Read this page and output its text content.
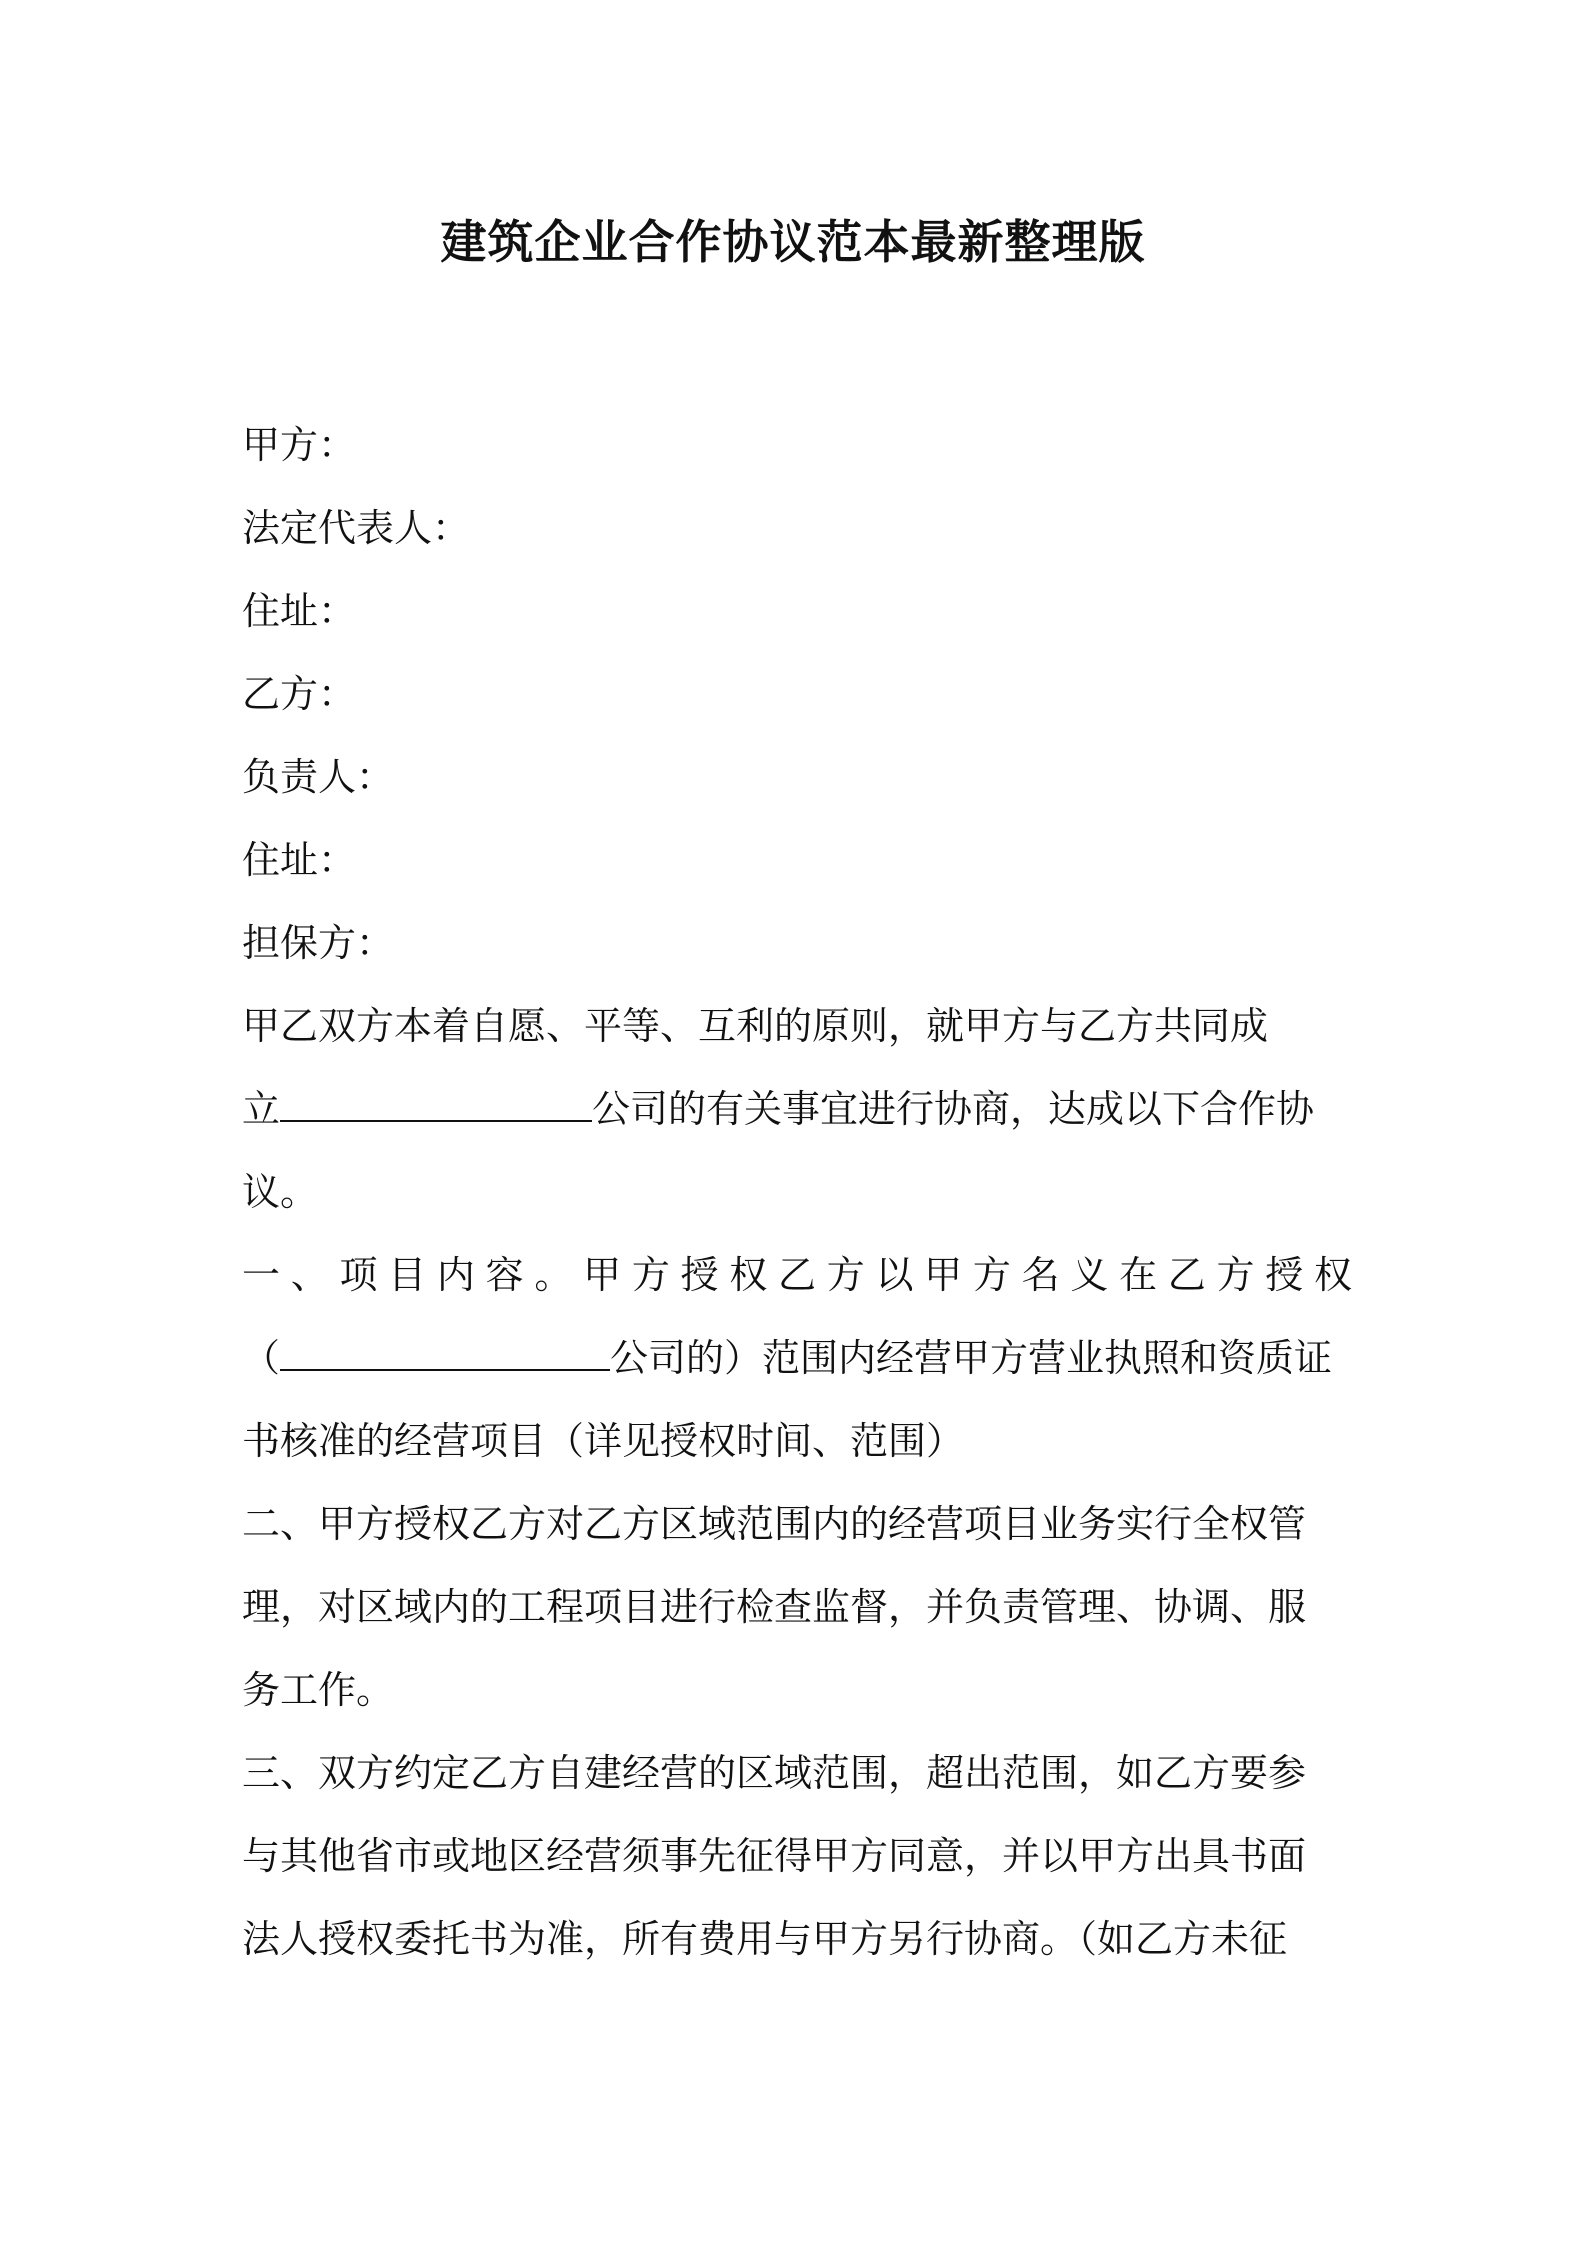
建筑企业合作协议范本最新整理版
甲方：
法定代表人：
住址：
乙方：
负责人：
住址：
担保方：
甲乙双方本着自愿、平等、互利的原则，就甲方与乙方共同成
立	公司的有关事宜进行协商，达成以下合作协
议。
一、项目内容。甲方授权乙方以甲方名义在乙方授权
（	公司的）范围内经营甲方营业执照和资质证
书核准的经营项目（详见授权时间、范围）
二、甲方授权乙方对乙方区域范围内的经营项目业务实行全权管
理，对区域内的工程项目进行检查监督，并负责管理、协调、服
务工作。
三、双方约定乙方自建经营的区域范围，超出范围，如乙方要参
与其他省市或地区经营须事先征得甲方同意，并以甲方出具书面
法人授权委托书为准，所有费用与甲方另行协商。（如乙方未征
